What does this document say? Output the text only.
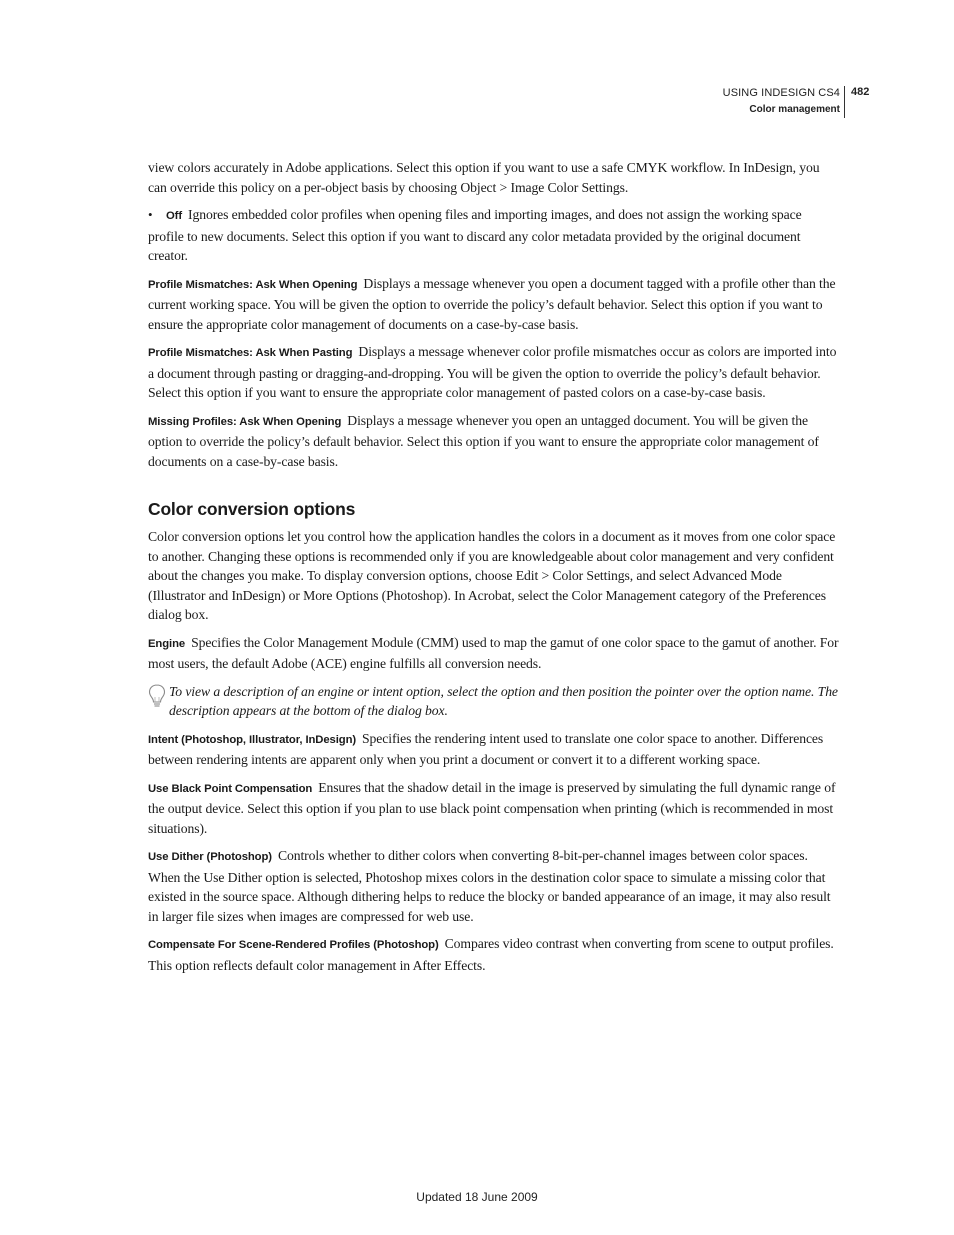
USING INDESIGN CS4
Color management
482

view colors accurately in Adobe applications. Select this option if you want to use a safe CMYK workflow. In InDesign, you can override this policy on a per-object basis by choosing Object > Image Color Settings.

• Off Ignores embedded color profiles when opening files and importing images, and does not assign the working space profile to new documents. Select this option if you want to discard any color metadata provided by the original document creator.

Profile Mismatches: Ask When Opening Displays a message whenever you open a document tagged with a profile other than the current working space. You will be given the option to override the policy’s default behavior. Select this option if you want to ensure the appropriate color management of documents on a case-by-case basis.

Profile Mismatches: Ask When Pasting Displays a message whenever color profile mismatches occur as colors are imported into a document through pasting or dragging-and-dropping. You will be given the option to override the policy’s default behavior. Select this option if you want to ensure the appropriate color management of pasted colors on a case-by-case basis.

Missing Profiles: Ask When Opening Displays a message whenever you open an untagged document. You will be given the option to override the policy’s default behavior. Select this option if you want to ensure the appropriate color management of documents on a case-by-case basis.

Color conversion options

Color conversion options let you control how the application handles the colors in a document as it moves from one color space to another. Changing these options is recommended only if you are knowledgeable about color management and very confident about the changes you make. To display conversion options, choose Edit > Color Settings, and select Advanced Mode (Illustrator and InDesign) or More Options (Photoshop). In Acrobat, select the Color Management category of the Preferences dialog box.

Engine Specifies the Color Management Module (CMM) used to map the gamut of one color space to the gamut of another. For most users, the default Adobe (ACE) engine fulfills all conversion needs.

To view a description of an engine or intent option, select the option and then position the pointer over the option name. The description appears at the bottom of the dialog box.

Intent (Photoshop, Illustrator, InDesign) Specifies the rendering intent used to translate one color space to another. Differences between rendering intents are apparent only when you print a document or convert it to a different working space.

Use Black Point Compensation Ensures that the shadow detail in the image is preserved by simulating the full dynamic range of the output device. Select this option if you plan to use black point compensation when printing (which is recommended in most situations).

Use Dither (Photoshop) Controls whether to dither colors when converting 8-bit-per-channel images between color spaces. When the Use Dither option is selected, Photoshop mixes colors in the destination color space to simulate a missing color that existed in the source space. Although dithering helps to reduce the blocky or banded appearance of an image, it may also result in larger file sizes when images are compressed for web use.

Compensate For Scene-Rendered Profiles (Photoshop) Compares video contrast when converting from scene to output profiles. This option reflects default color management in After Effects.

Updated 18 June 2009
